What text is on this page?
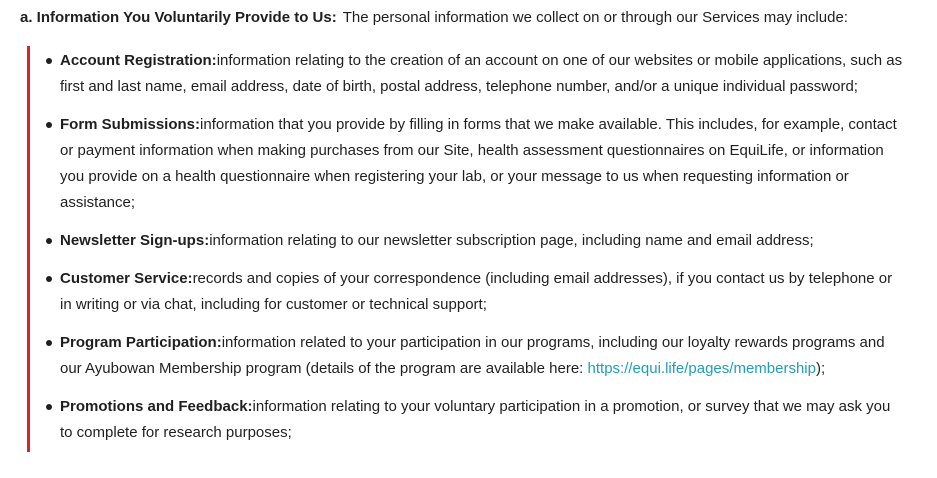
a. Information You Voluntarily Provide to Us: The personal information we collect on or through our Services may include:
Account Registration:information relating to the creation of an account on one of our websites or mobile applications, such as first and last name, email address, date of birth, postal address, telephone number, and/or a unique individual password;
Form Submissions:information that you provide by filling in forms that we make available. This includes, for example, contact or payment information when making purchases from our Site, health assessment questionnaires on EquiLife, or information you provide on a health questionnaire when registering your lab, or your message to us when requesting information or assistance;
Newsletter Sign-ups:information relating to our newsletter subscription page, including name and email address;
Customer Service:records and copies of your correspondence (including email addresses), if you contact us by telephone or in writing or via chat, including for customer or technical support;
Program Participation:information related to your participation in our programs, including our loyalty rewards programs and our Ayubowan Membership program (details of the program are available here: https://equi.life/pages/membership);
Promotions and Feedback:information relating to your voluntary participation in a promotion, or survey that we may ask you to complete for research purposes;
